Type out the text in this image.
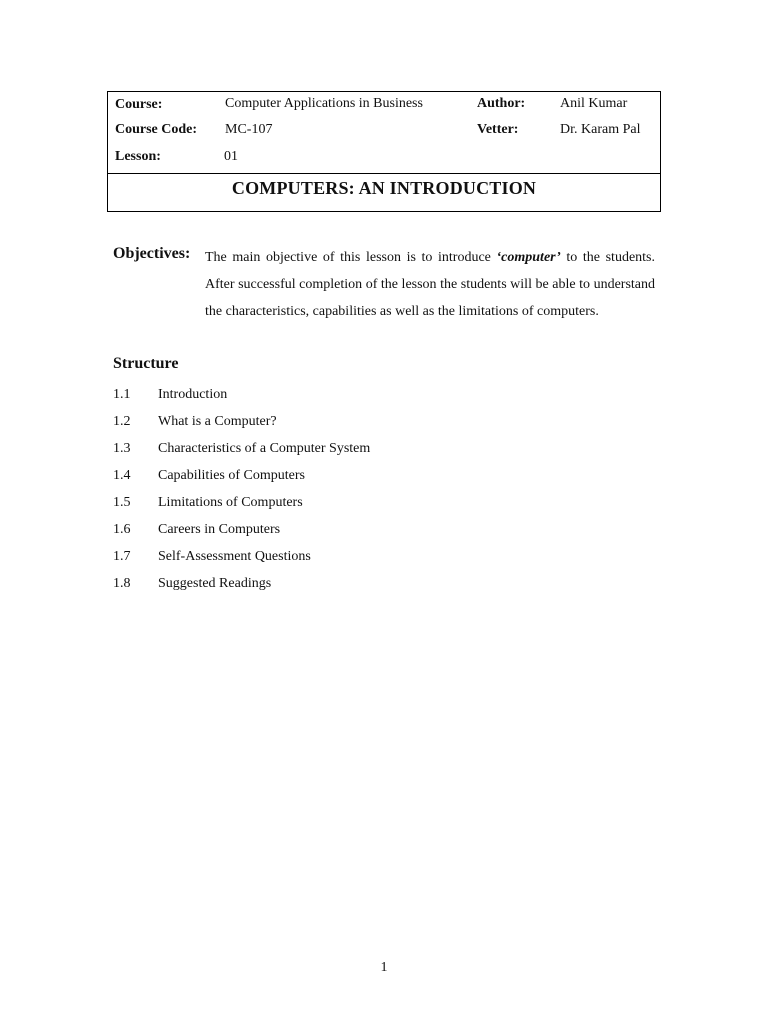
Course:	Computer Applications in Business	Author: Anil Kumar
Course Code: MC-107	Vetter:	Dr. Karam Pal
Lesson:	01
COMPUTERS: AN INTRODUCTION
Objectives: The main objective of this lesson is to introduce ‘computer’ to the students. After successful completion of the lesson the students will be able to understand the characteristics, capabilities as well as the limitations of computers.
Structure
1.1 Introduction
1.2 What is a Computer?
1.3 Characteristics of a Computer System
1.4 Capabilities of Computers
1.5 Limitations of Computers
1.6 Careers in Computers
1.7 Self-Assessment Questions
1.8 Suggested Readings
1
